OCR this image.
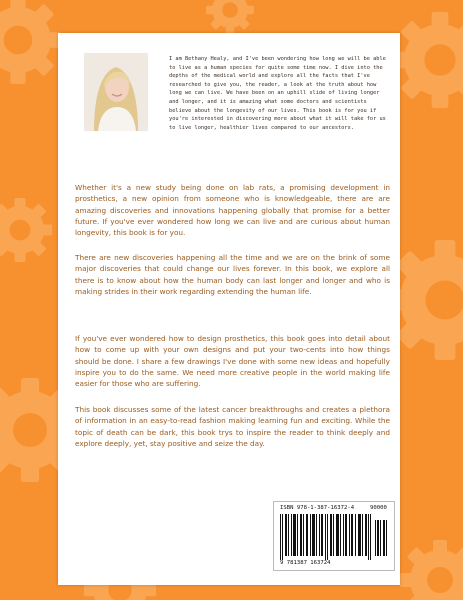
I am Bethany Healy, and I've been wondering how long we will be able to live as a human species for quite some time now. I dive into the depths of the medical world and explore all the facts that I've researched to give you, the reader, a look at the truth about how long we can live. We have been on an uphill slide of living longer and longer, and it is amazing what some doctors and scientists believe about the longevity of our lives. This book is for you if you're interested in discovering more about what it will take for us to live longer, healthier lives compared to our ancestors.

Whether it's a new study being done on lab rats, a promising development in prosthetics, a new opinion from someone who is knowledgeable, there are are amazing discoveries and innovations happening globally that promise for a better future. If you've ever wondered how long we can live and are curious about human longevity, this book is for you.

There are new discoveries happening all the time and we are on the brink of some major discoveries that could change our lives forever. In this book, we explore all there is to know about how the human body can last longer and longer and who is making strides in their work regarding extending the human life.

If you've ever wondered how to design prosthetics, this book goes into detail about how to come up with your own designs and put your two-cents into how things should be done. I share a few drawings I've done with some new ideas and hopefully inspire you to do the same. We need more creative people in the world making life easier for those who are suffering.

This book discusses some of the latest cancer breakthroughs and creates a plethora of information in an easy-to-read fashion making learning fun and exciting. While the topic of death can be dark, this book trys to inspire the reader to think deeply and explore deeply, yet, stay positive and seize the day.

ISBN 978-1-387-16372-4	90000
9 781387 163724
